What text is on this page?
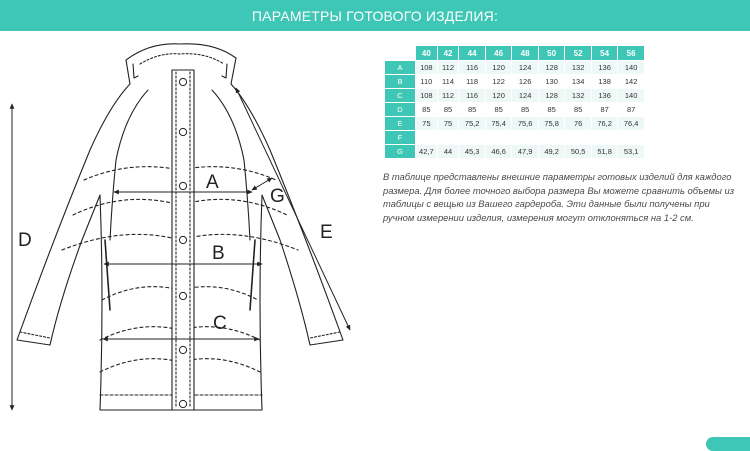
ПАРАМЕТРЫ ГОТОВОГО ИЗДЕЛИЯ:
A
B
C
D	E
G
	40	42	44	46	48	50	52	54	56
A	108	112	116	120	124	128	132	136	140
B	110	114	118	122	126	130	134	138	142
C	108	112	116	120	124	128	132	136	140
D	85	85	85	85	85	85	85	87	87
E	75	75	75,2	75,4	75,6	75,8	76	76,2	76,4
F									
G	42,7	44	45,3	46,6	47,9	49,2	50,5	51,8	53,1

В таблице представлены внешние параметры готовых изделий для каждого размера. Для более точного выбора размера Вы можете сравнить объемы из таблицы с вещью из Вашего гардероба. Эти данные были получены при ручном измерении изделия, измерения могут отклоняться на 1-2 см.
